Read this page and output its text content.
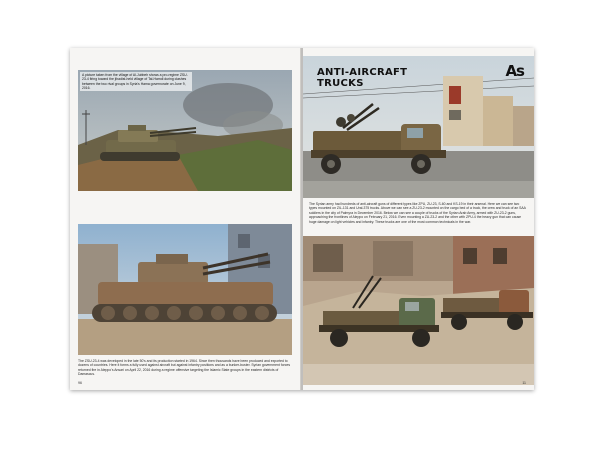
A picture taken from the village of Al-Jubbeh shows a pro-regime ZSU-23-4 firing toward the jihadist-held village of Tal-Hamdi during clashes between the two rival groups in Syria's Hama governorate on June 9, 2016.
The ZSU-23-4 was developed in the late 50's and its production started in 1964. Since then thousands have been produced and exported to dozens of countries. Here it forms a fully used against aircraft but against infantry positions and as a bunker-buster. Syrian government forces returned fire in Aleppo's Ansari on April 22, 2016 during a regime offensive targeting the Islamic State groups in the eastern districts of Damascus.
96
ANTI-AIRCRAFT
TRUCKS
As
The Syrian army had hundreds of anti-aircraft guns of different types like ZPU, ZU-23, S-60 and KS-19 in their arsenal. Here we can see two types mounted on ZIL-131 and Ural-375 trucks. Above we can see a ZU-23-2 mounted on the cargo bed of a truck, the crew and truck of an SAA soldiers in the city of Palmyra in December 2016. Below we can see a couple of trucks of the Syrian Arab Army, armed with ZU-23-2 guns, approaching the frontlines of Aleppo on February 21, 2016. Even mounting a ZU-23-2 and the other with ZPU-4 the heavy gun that can cause huge damage on light vehicles and infantry. These trucks are one of the most common technicals in the war.
11
